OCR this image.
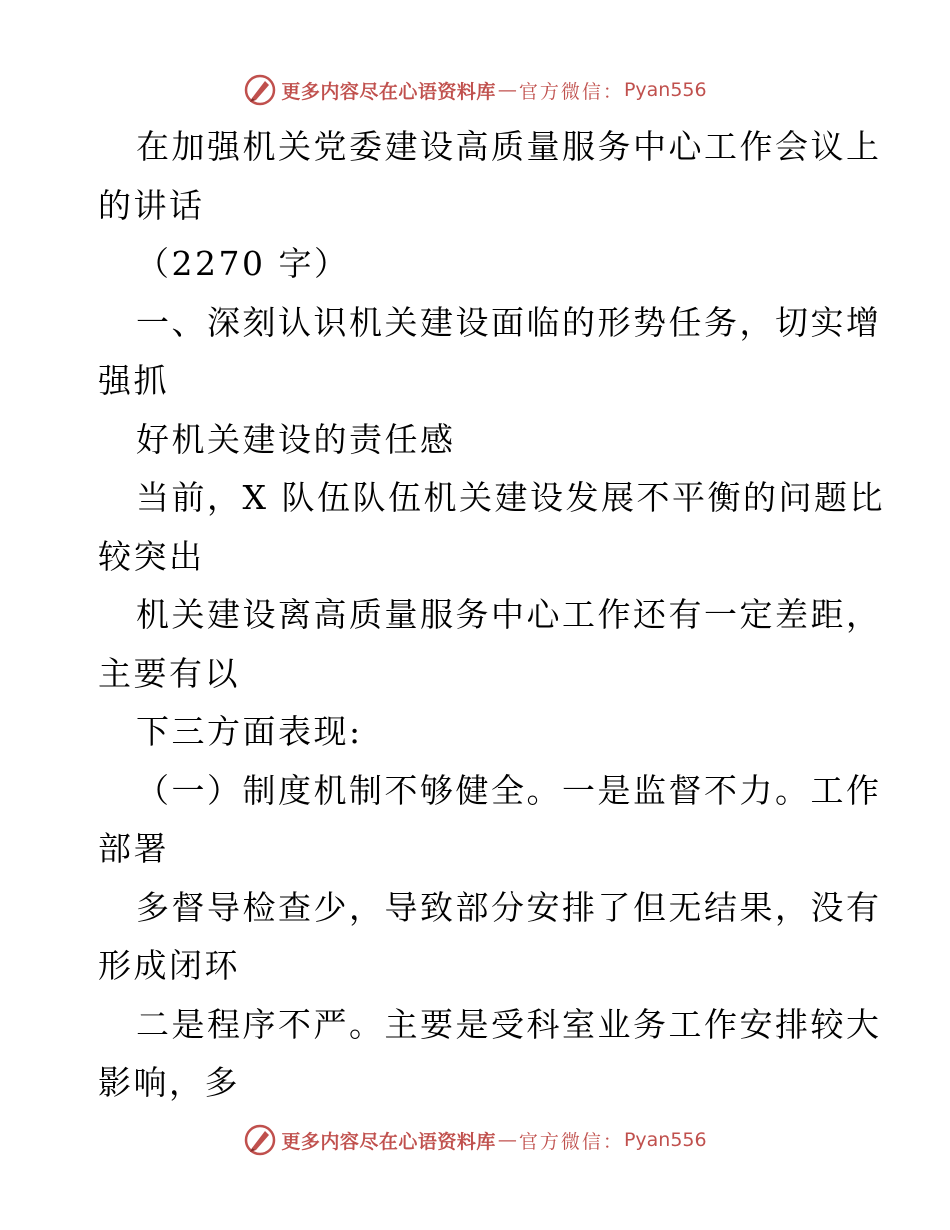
更多内容尽在心语资料库 — 官方微信： Pyan556
在加强机关党委建设高质量服务中心工作会议上
的讲话
（2270 字）
一、深刻认识机关建设面临的形势任务，切实增
强抓
好机关建设的责任感
当前，X 队伍队伍机关建设发展不平衡的问题比
较突出
机关建设离高质量服务中心工作还有一定差距，
主要有以
下三方面表现:
（一）制度机制不够健全。一是监督不力。工作
部署
多督导检查少，导致部分安排了但无结果，没有
形成闭环
二是程序不严。主要是受科室业务工作安排较大
影响，多
更多内容尽在心语资料库 — 官方微信： Pyan556
